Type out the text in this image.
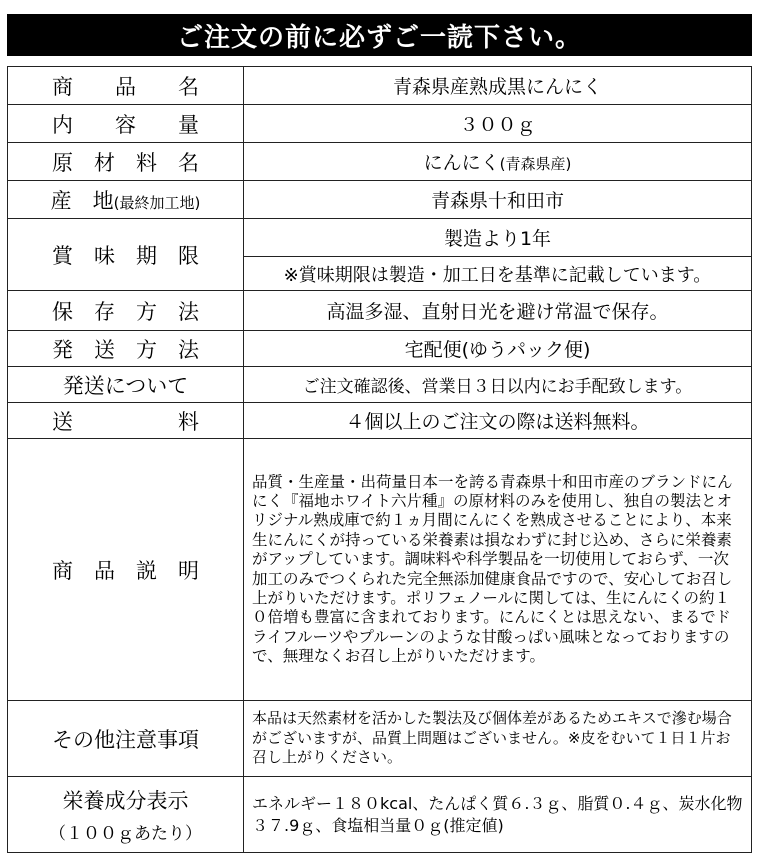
ご注文の前に必ずご一読下さい。
商　　品　　名	青森県産熟成黒にんにく
内　　容　　量	３００ｇ
原　材　料　名	にんにく(青森県産)
産　地(最終加工地)	青森県十和田市
賞　味　期　限	製造より1年
	※賞味期限は製造・加工日を基準に記載しています。
保　存　方　法	高温多湿、直射日光を避け常温で保存。
発　送　方　法	宅配便(ゆうパック便)
発送について	ご注文確認後、営業日３日以内にお手配致します。
送　　　　　料	４個以上のご注文の際は送料無料。
商　品　説　明	品質・生産量・出荷量日本一を誇る青森県十和田市産のブランドにんにく『福地ホワイト六片種』の原材料のみを使用し、独自の製法とオリジナル熟成庫で約１ヵ月間にんにくを熟成させることにより、本来生にんにくが持っている栄養素は損なわずに封じ込め、さらに栄養素がアップしています。調味料や科学製品を一切使用しておらず、一次加工のみでつくられた完全無添加健康食品ですので、安心してお召し上がりいただけます。ポリフェノールに関しては、生にんにくの約１０倍増も豊富に含まれております。にんにくとは思えない、まるでドライフルーツやプルーンのような甘酸っぱい風味となっておりますので、無理なくお召し上がりいただけます。
その他注意事項	本品は天然素材を活かした製法及び個体差があるためエキスで滲む場合がございますが、品質上問題はございません。※皮をむいて１日１片お召し上がりください。
栄養成分表示
（１００ｇあたり）	エネルギー１８０kcal、たんぱく質６.３ｇ、脂質０.４ｇ、炭水化物３７.9ｇ、食塩相当量０ｇ(推定値)
